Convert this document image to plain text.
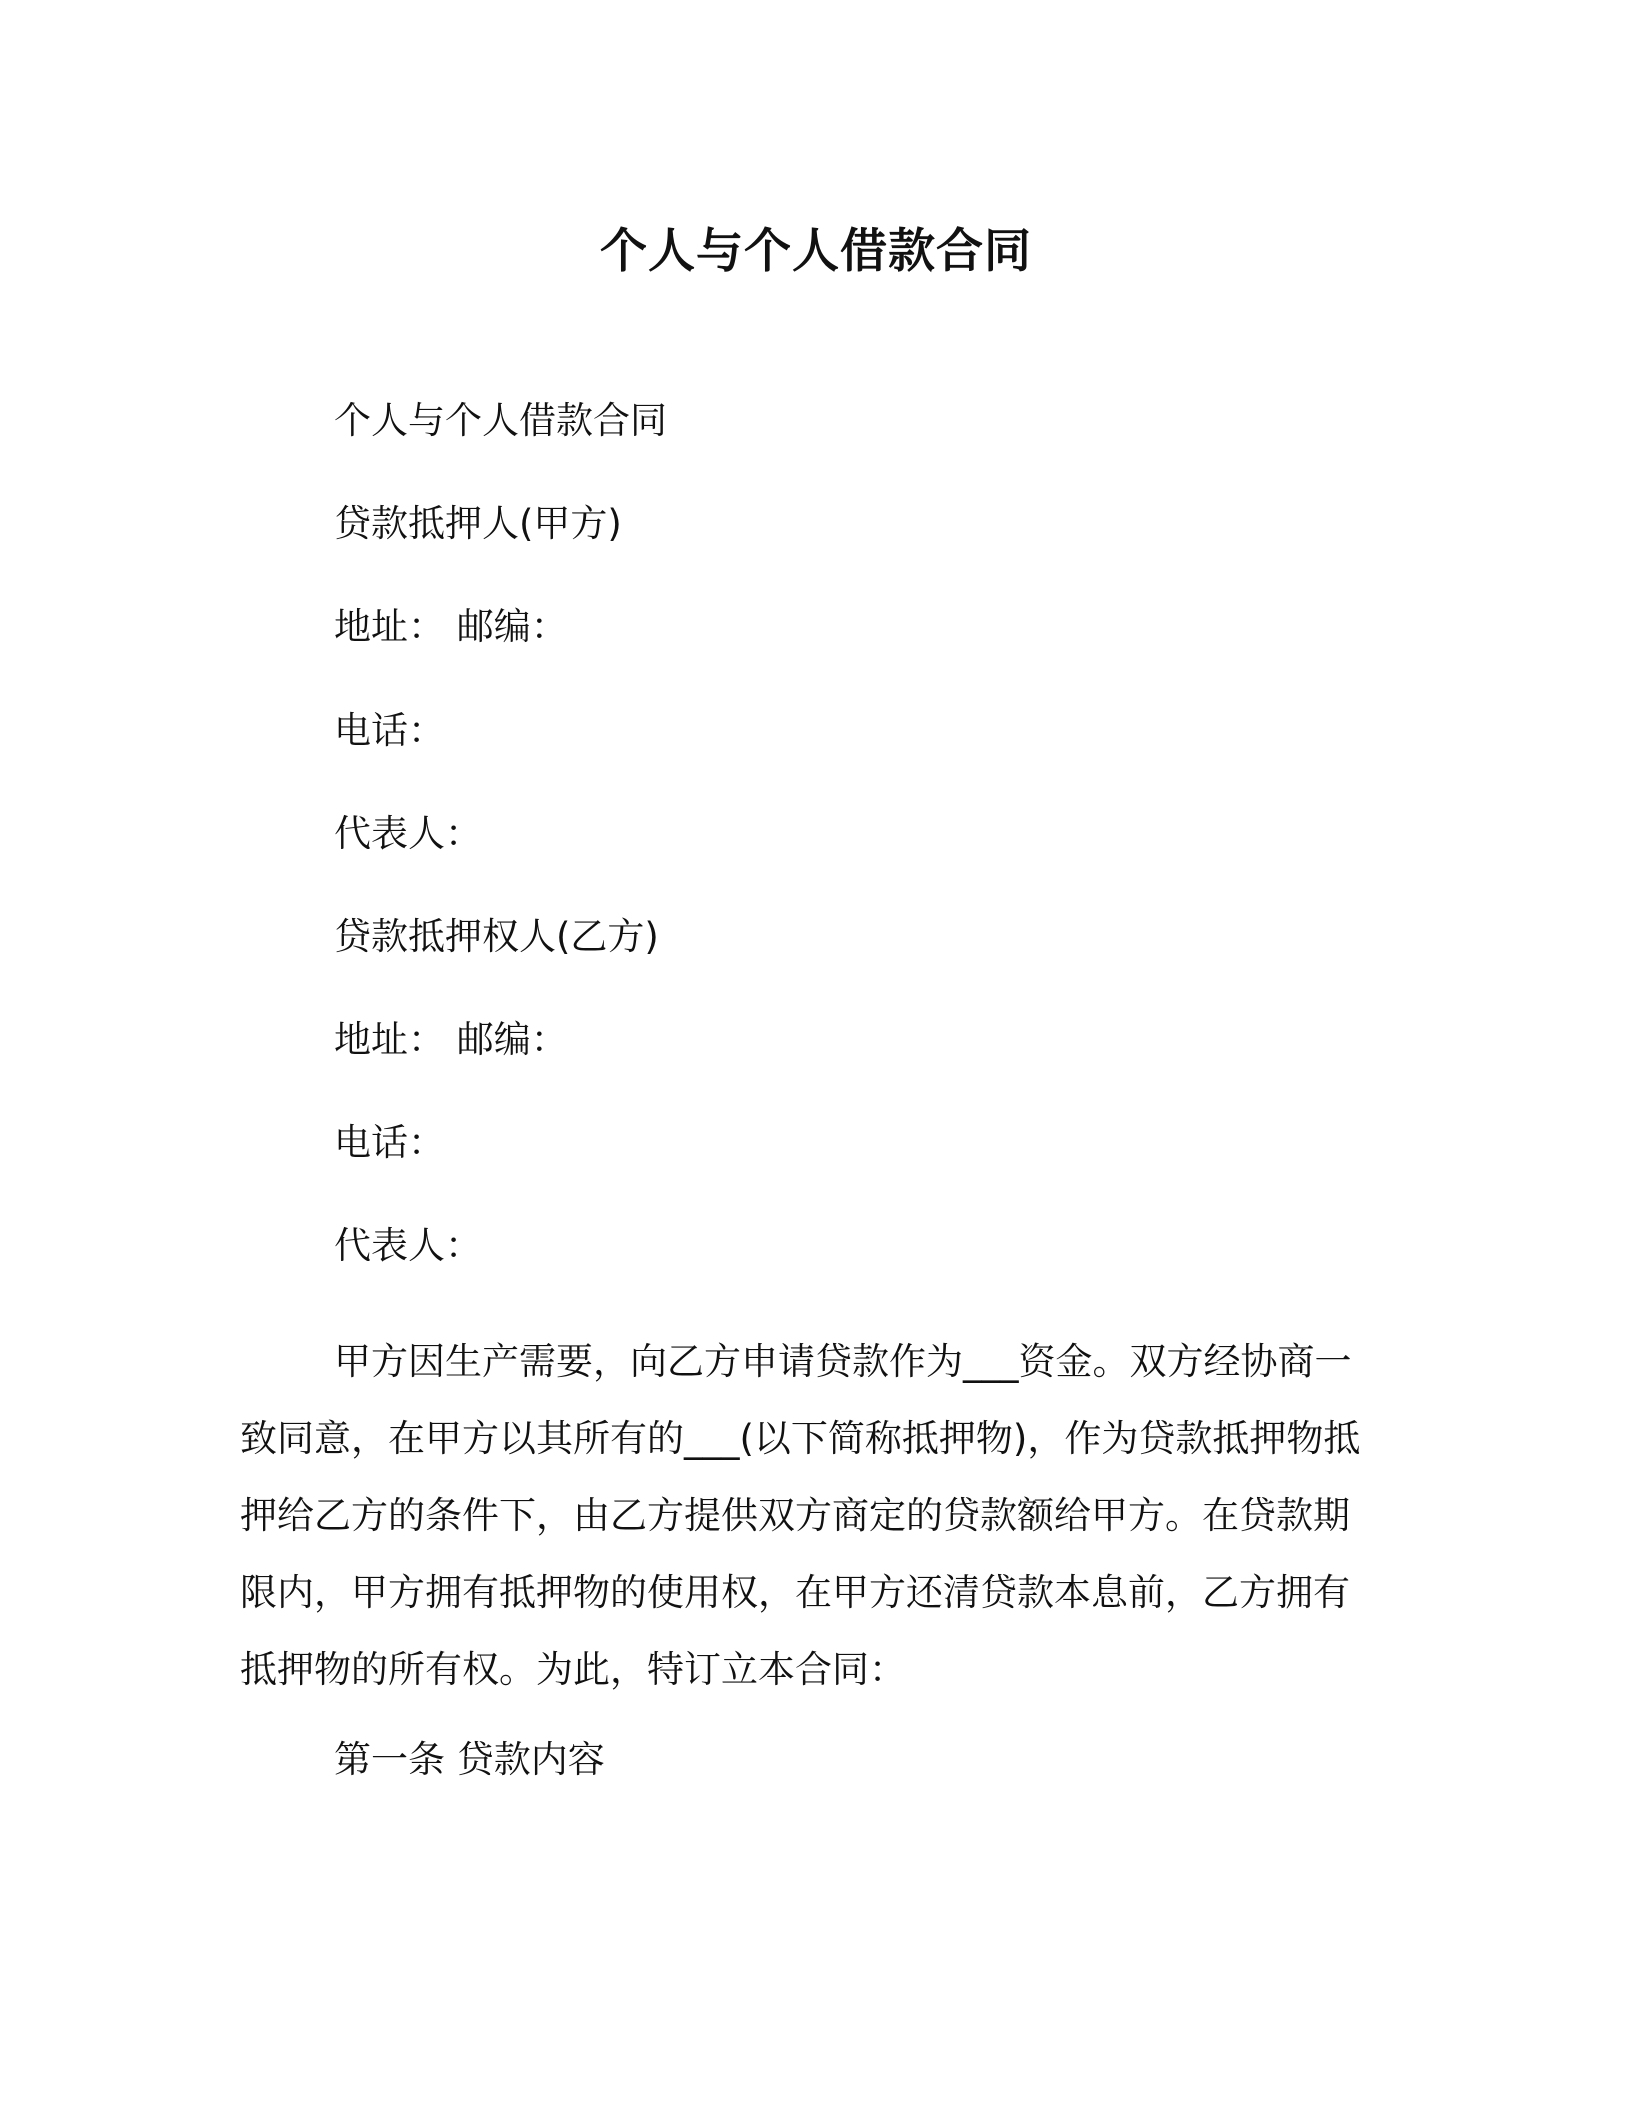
个人与个人借款合同
个人与个人借款合同
贷款抵押人(甲方)
地址： 邮编：
电话：
代表人：
贷款抵押权人(乙方)
地址： 邮编：
电话：
代表人：
甲方因生产需要，向乙方申请贷款作为___资金。双方经协商一致同意，在甲方以其所有的___(以下简称抵押物)，作为贷款抵押物抵押给乙方的条件下，由乙方提供双方商定的贷款额给甲方。在贷款期限内，甲方拥有抵押物的使用权，在甲方还清贷款本息前，乙方拥有抵押物的所有权。为此，特订立本合同：
第一条 贷款内容
